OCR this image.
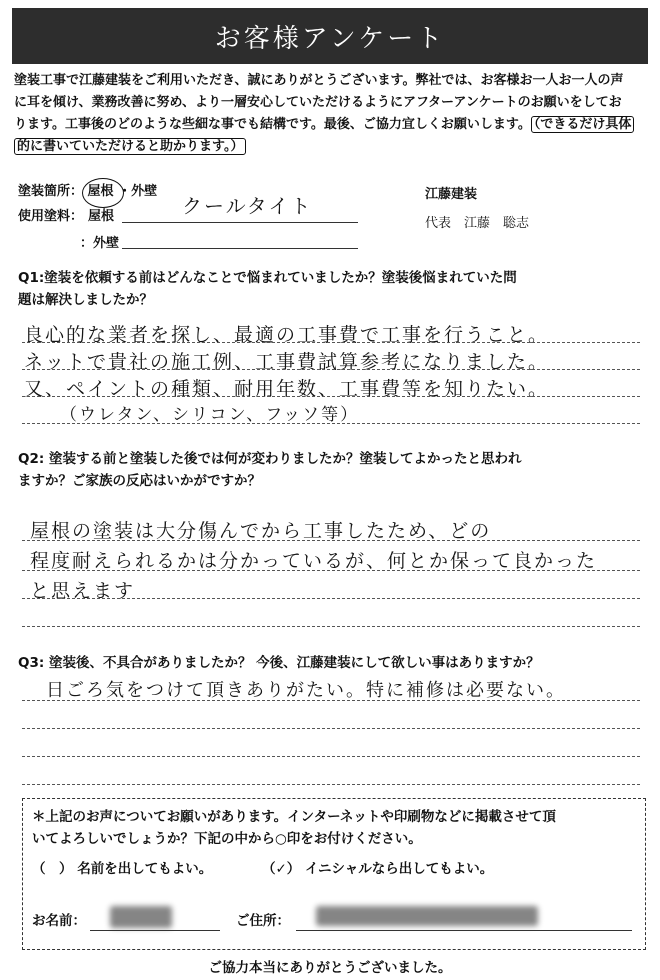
お客様アンケート
塗装工事で江藤建装をご利用いただき、誠にありがとうございます。弊社では、お客様お一人お一人の声
に耳を傾け、業務改善に努め、より一層安心していただけるようにアフターアンケートのお願いをしてお
ります。工事後のどのような些細な事でも結構です。最後、ご協力宜しくお願いします。 （できるだけ具体
的に書いていただけると助かります。）
塗装箇所： 屋根 ・外壁
使用塗料： 屋根	クールタイト
：外壁
江藤建装
代表　江藤　聡志
Q1:塗装を依頼する前はどんなことで悩まれていましたか？塗装後悩まれていた問
題は解決しましたか？
良心的な業者を探し、最適の工事費で工事を行うこと。
ネットで貴社の施工例、工事費試算参考になりました。
又、ペイントの種類、耐用年数、工事費等を知りたい。
（ウレタン、シリコン、フッソ等）
Q2: 塗装する前と塗装した後では何が変わりましたか？塗装してよかったと思われ
ますか？ご家族の反応はいかがですか？
屋根の塗装は大分傷んでから工事したため、どの
程度耐えられるかは分かっているが、何とか保って良かった
と思えます
Q3: 塗装後、不具合がありましたか？ 今後、江藤建装にして欲しい事はありますか？
日ごろ気をつけて頂きありがたい。特に補修は必要ない。
＊上記のお声についてお願いがあります。インターネットや印刷物などに掲載させて頂
いてよろしいでしょうか？下記の中から○印をお付けください。
（　） 名前を出してもよい。	（✓） イニシャルなら出してもよい。
お名前：	ご住所：
ご協力本当にありがとうございました。
